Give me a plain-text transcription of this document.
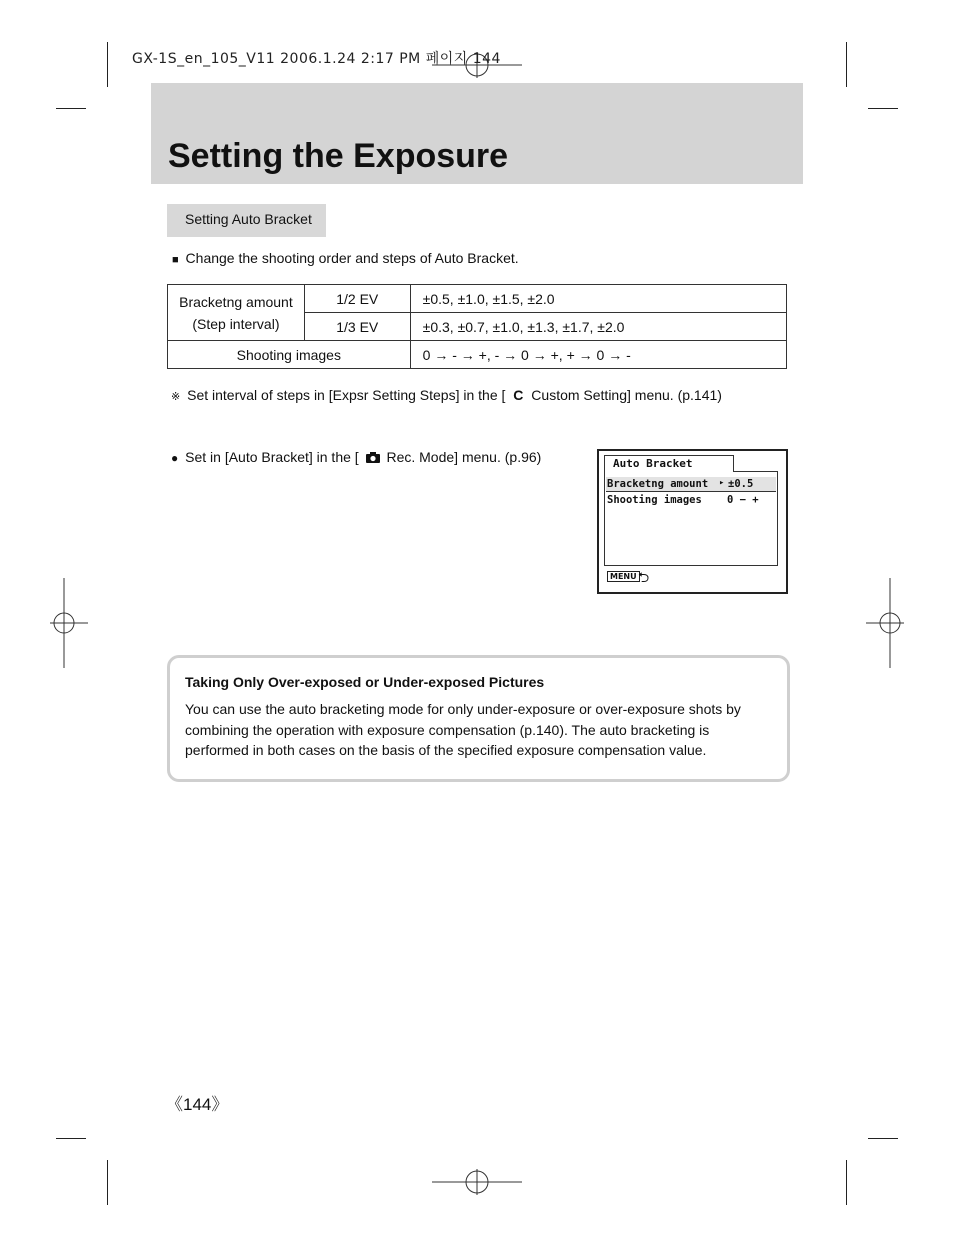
GX-1S_en_105_V11 2006.1.24 2:17 PM 페이지 144
Setting the Exposure
Setting Auto Bracket
■ Change the shooting order and steps of Auto Bracket.
Bracketng amount
(Step interval)	1/2 EV	±0.5, ±1.0, ±1.5, ±2.0
	1/3 EV	±0.3, ±0.7, ±1.0, ±1.3, ±1.7, ±2.0
Shooting images		0 → - → +, - → 0 → +, + → 0 → -
※ Set interval of steps in [Expsr Setting Steps] in the [ C Custom Setting] menu. (p.141)
● Set in [Auto Bracket] in the [ Rec. Mode] menu. (p.96)	Auto Bracket
Bracketng amount ▸ ±0.5
Shooting images 0 − +
MENU ⮌
Taking Only Over-exposed or Under-exposed Pictures
You can use the auto bracketing mode for only under-exposure or over-exposure shots by combining the operation with exposure compensation (p.140). The auto bracketing is performed in both cases on the basis of the specified exposure compensation value.
《144》
